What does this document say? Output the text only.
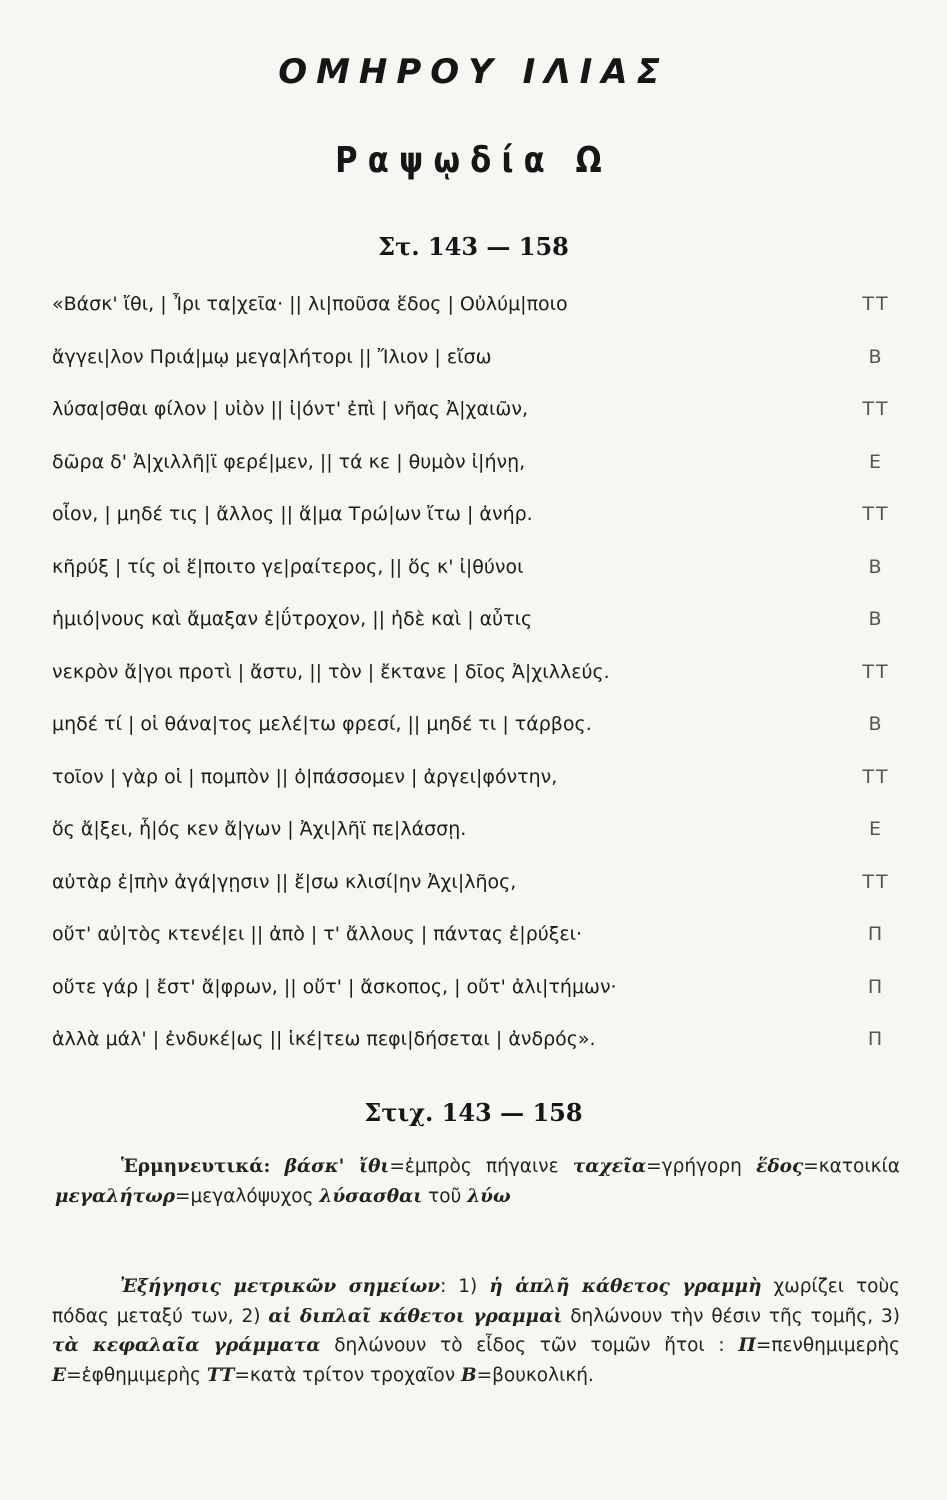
ΟΜΗΡΟΥ ΙΛΙΑΣ
Ραψῳδία Ω
Στ. 143 — 158
«Βάσκ' ἴθι, | Ἶρι τα|χεῖα· || λι|ποῦσα ἕδος | Οὐλύμ|ποιο	ΤΤ
ἄγγει|λον Πριά|μῳ μεγα|λήτορι || Ἴλιον | εἴσω	Β
λύσα|σθαι φίλον | υἱὸν || ἰ|όντ' ἐπὶ | νῆας Ἀ|χαιῶν,	ΤΤ
δῶρα δ' Ἀ|χιλλῆ|ϊ φερέ|μεν, || τά κε | θυμὸν ἰ|ήνῃ,	Ε
οἶον, | μηδέ τις | ἄλλος || ἅ|μα Τρώ|ων ἴτω | ἀνήρ.	ΤΤ
κῆρύξ | τίς οἱ ἕ|ποιτο γε|ραίτερος, || ὅς κ' ἰ|θύνοι	Β
ἡμιό|νους καὶ ἄμαξαν ἐ|ΰτροχον, || ἠδὲ καὶ | αὖτις	Β
νεκρὸν ἄ|γοι προτὶ | ἄστυ, || τὸν | ἔκτανε | δῖος Ἀ|χιλλεύς.	ΤΤ
μηδέ τί | οἱ θάνα|τος μελέ|τω φρεσί, || μηδέ τι | τάρβος.	Β
τοῖον | γὰρ οἱ | πομπὸν || ὀ|πάσσομεν | ἀργει|φόντην,	ΤΤ
ὅς ἄ|ξει, ἧ|ός κεν ἄ|γων | Ἀχι|λῆϊ πε|λάσσῃ.	Ε
αὐτὰρ ἐ|πὴν ἀγά|γῃσιν || ἔ|σω κλισί|ην Ἀχι|λῆος,	ΤΤ
οὔτ' αὐ|τὸς κτενέ|ει || ἀπὸ | τ' ἄλλους | πάντας ἐ|ρύξει·	Π
οὔτε γάρ | ἔστ' ἄ|φρων, || οὔτ' | ἄσκοπος, | οὔτ' ἀλι|τήμων·	Π
ἀλλὰ μάλ' | ἐνδυκέ|ως || ἱκέ|τεω πεφι|δήσεται | ἀνδρός».	Π
Στιχ. 143 — 158
Ἑρμηνευτικά: βάσκ' ἴθι=ἐμπρὸς πήγαινε ταχεῖα=γρήγορη ἕδος=κατοικία μεγαλήτωρ=μεγαλόψυχος λύσασθαι τοῦ λύω
Ἐξήγησις μετρικῶν σημείων: 1) ἡ ἁπλῆ κάθετος γραμμὴ χωρίζει τοὺς πόδας μεταξύ των, 2) αἱ διπλαῖ κάθετοι γραμμαὶ δηλώνουν τὴν θέσιν τῆς τομῆς, 3) τὰ κεφαλαῖα γράμματα δηλώνουν τὸ εἶδος τῶν τομῶν ἤτοι : Π=πενθημιμερὴς Ε=ἑφθημιμερὴς ΤΤ=κατὰ τρίτον τροχαῖον Β=βουκολική.
